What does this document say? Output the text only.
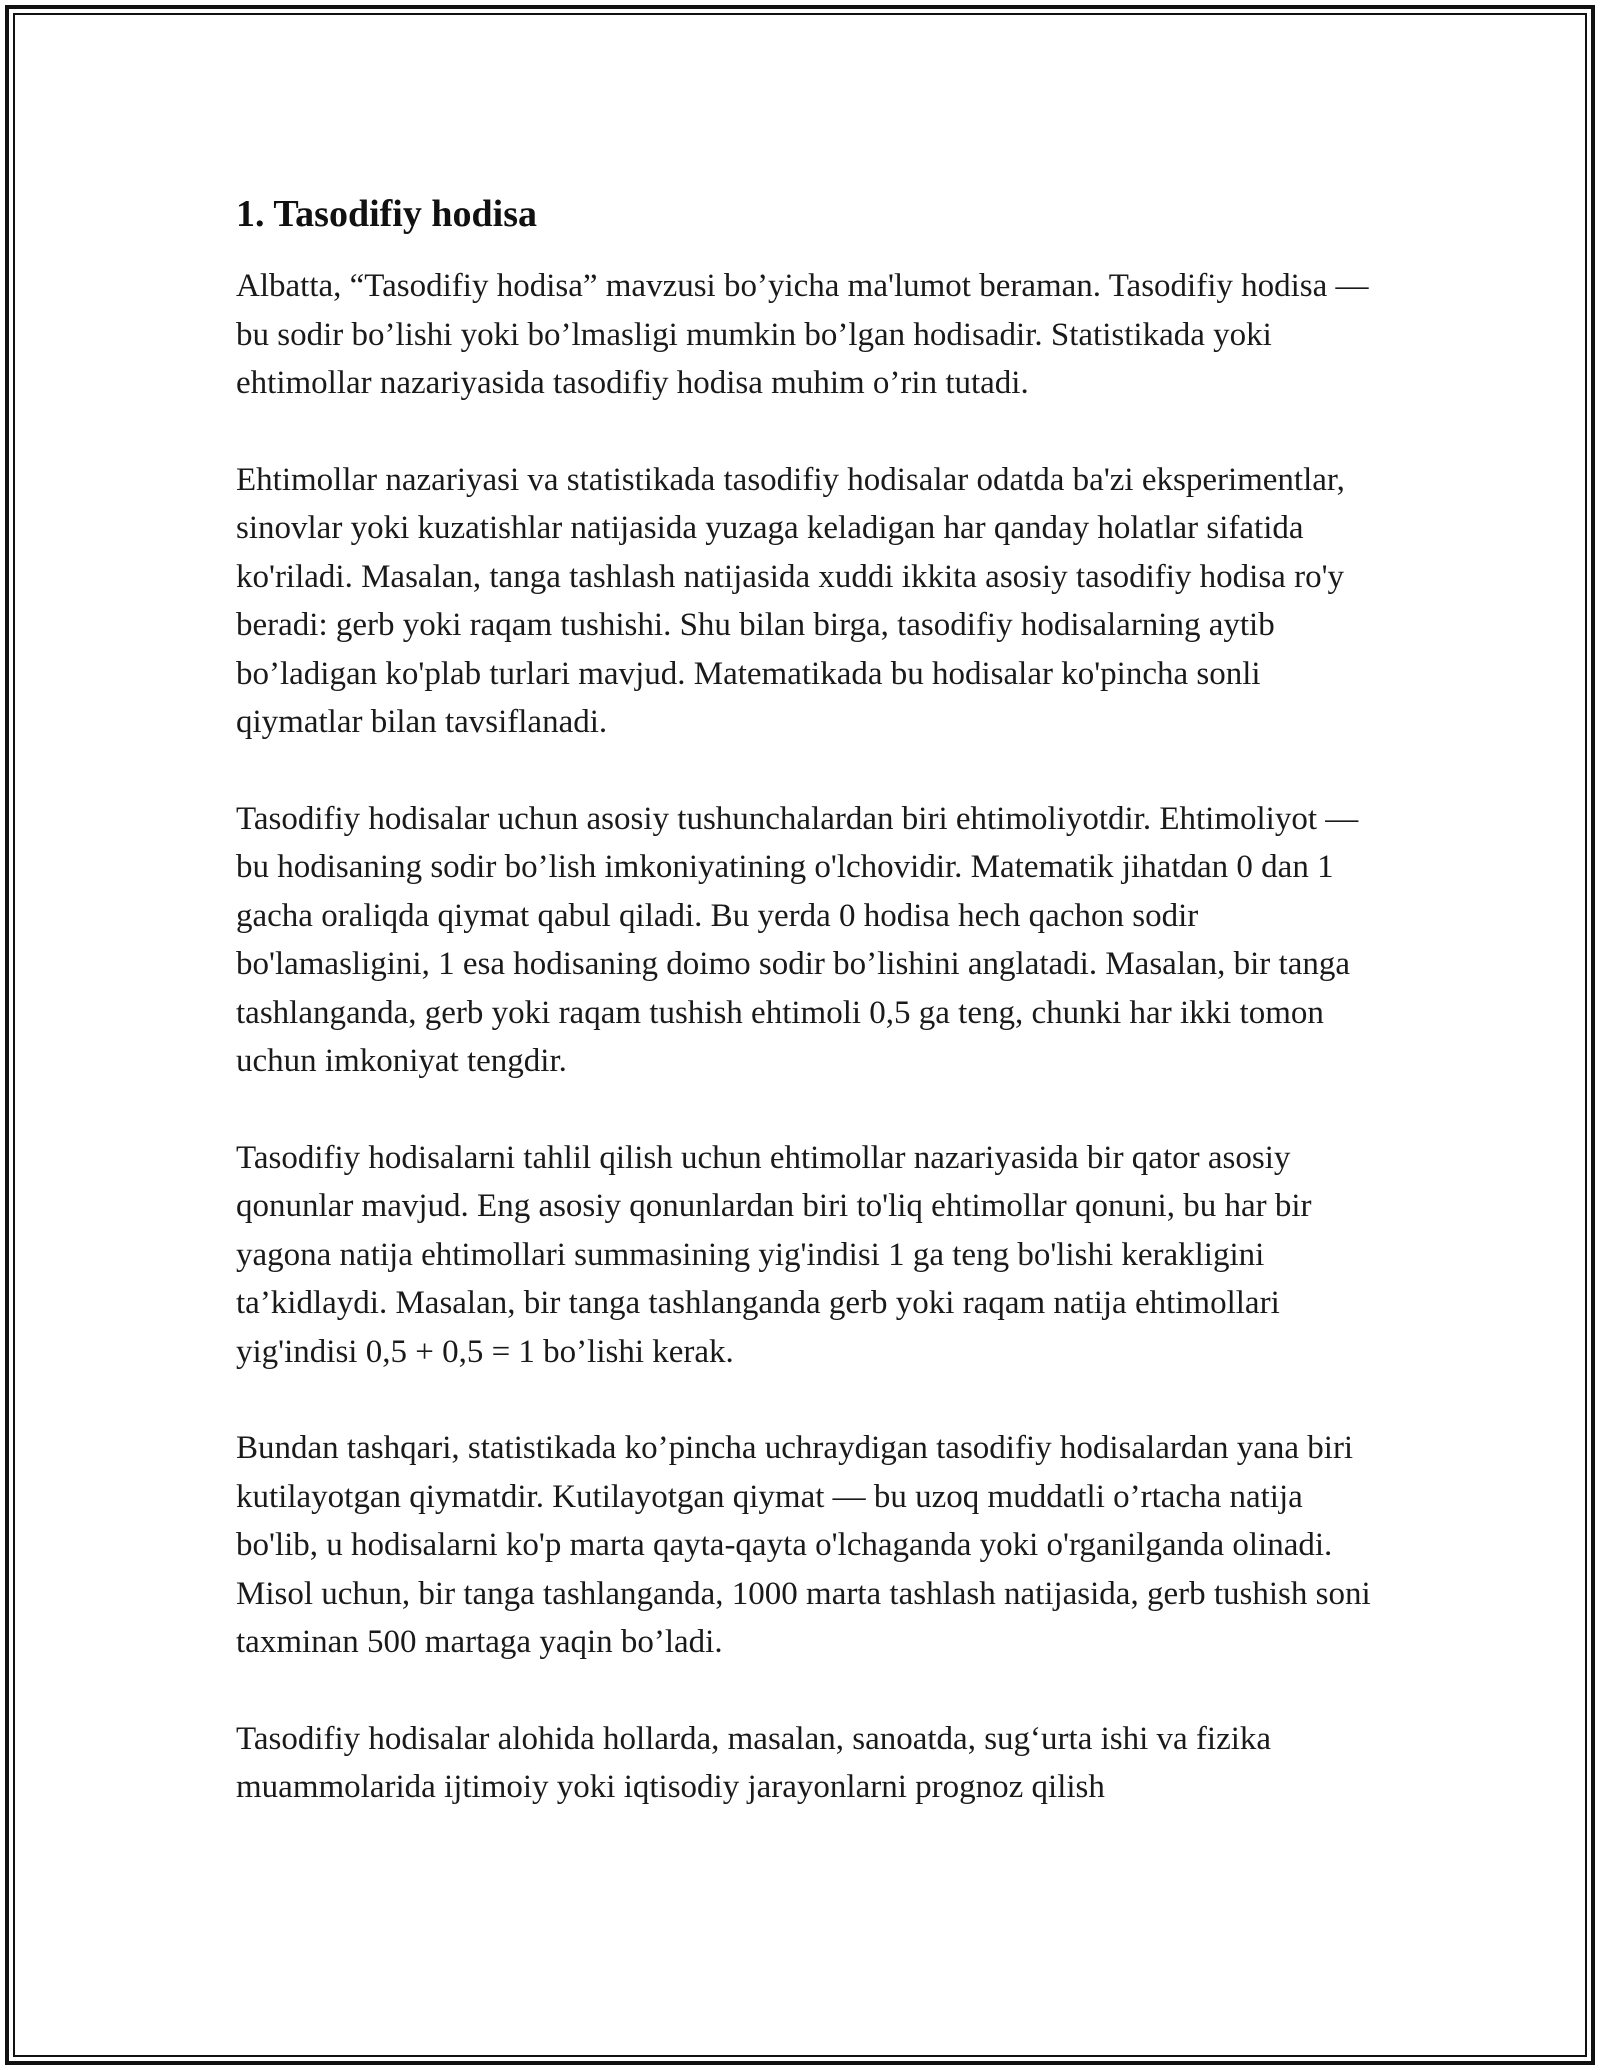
1. Tasodifiy hodisa

Albatta, “Tasodifiy hodisa” mavzusi bo’yicha ma'lumot beraman. Tasodifiy hodisa — bu sodir bo’lishi yoki bo’lmasligi mumkin bo’lgan hodisadir. Statistikada yoki ehtimollar nazariyasida tasodifiy hodisa muhim o’rin tutadi.

Ehtimollar nazariyasi va statistikada tasodifiy hodisalar odatda ba'zi eksperimentlar, sinovlar yoki kuzatishlar natijasida yuzaga keladigan har qanday holatlar sifatida ko'riladi. Masalan, tanga tashlash natijasida xuddi ikkita asosiy tasodifiy hodisa ro'y beradi: gerb yoki raqam tushishi. Shu bilan birga, tasodifiy hodisalarning aytib bo’ladigan ko'plab turlari mavjud. Matematikada bu hodisalar ko'pincha sonli qiymatlar bilan tavsiflanadi.

Tasodifiy hodisalar uchun asosiy tushunchalardan biri ehtimoliyotdir. Ehtimoliyot — bu hodisaning sodir bo’lish imkoniyatining o'lchovidir. Matematik jihatdan 0 dan 1 gacha oraliqda qiymat qabul qiladi. Bu yerda 0 hodisa hech qachon sodir bo'lamasligini, 1 esa hodisaning doimo sodir bo’lishini anglatadi. Masalan, bir tanga tashlanganda, gerb yoki raqam tushish ehtimoli 0,5 ga teng, chunki har ikki tomon uchun imkoniyat tengdir.

Tasodifiy hodisalarni tahlil qilish uchun ehtimollar nazariyasida bir qator asosiy qonunlar mavjud. Eng asosiy qonunlardan biri to'liq ehtimollar qonuni, bu har bir yagona natija ehtimollari summasining yig'indisi 1 ga teng bo'lishi kerakligini ta’kidlaydi. Masalan, bir tanga tashlanganda gerb yoki raqam natija ehtimollari yig'indisi 0,5 + 0,5 = 1 bo’lishi kerak.

Bundan tashqari, statistikada ko’pincha uchraydigan tasodifiy hodisalardan yana biri kutilayotgan qiymatdir. Kutilayotgan qiymat — bu uzoq muddatli o’rtacha natija bo'lib, u hodisalarni ko'p marta qayta-qayta o'lchaganda yoki o'rganilganda olinadi. Misol uchun, bir tanga tashlanganda, 1000 marta tashlash natijasida, gerb tushish soni taxminan 500 martaga yaqin bo’ladi.

Tasodifiy hodisalar alohida hollarda, masalan, sanoatda, sug‘urta ishi va fizika muammolarida ijtimoiy yoki iqtisodiy jarayonlarni prognoz qilish
